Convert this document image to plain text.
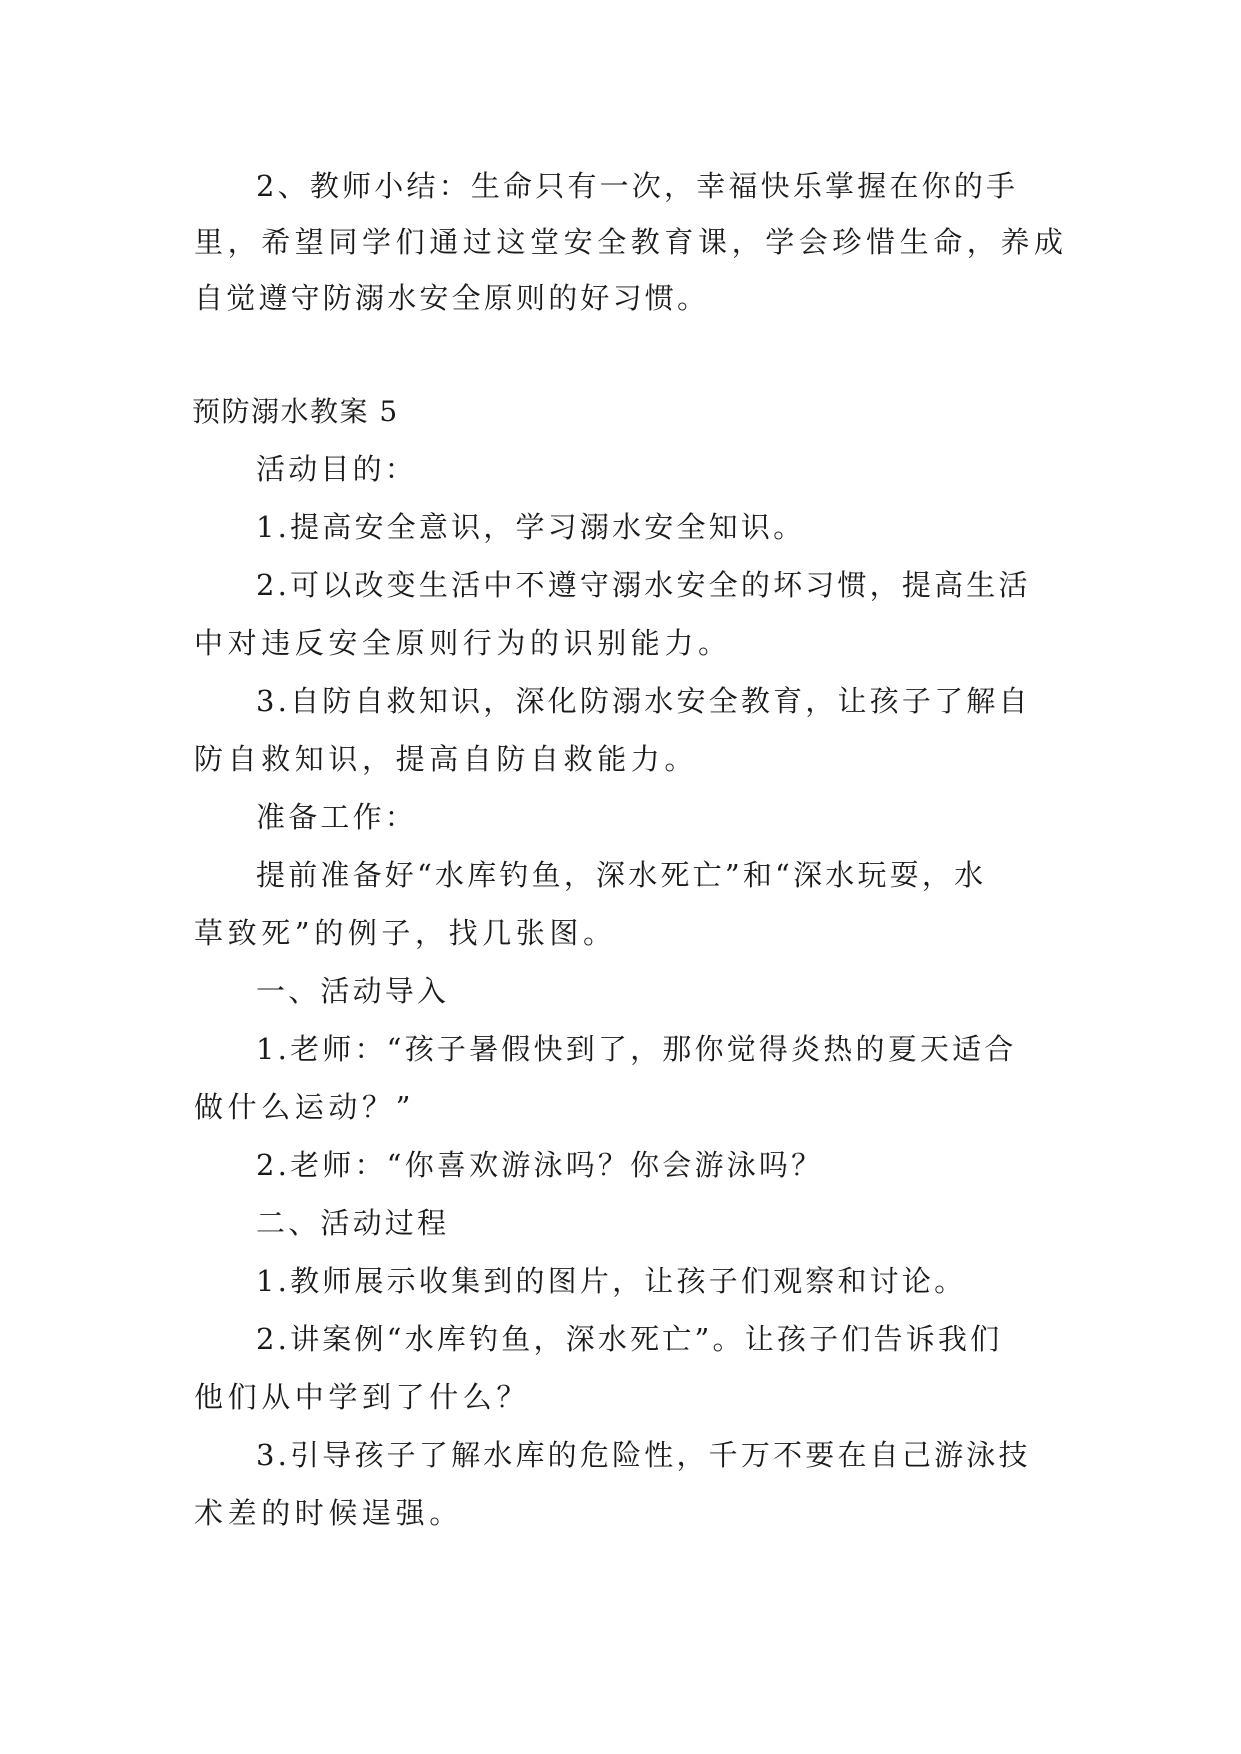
2、教师小结：生命只有一次，幸福快乐掌握在你的手
里，希望同学们通过这堂安全教育课，学会珍惜生命，养成
自觉遵守防溺水安全原则的好习惯。
预防溺水教案 5
活动目的：
1.提高安全意识，学习溺水安全知识。
2.可以改变生活中不遵守溺水安全的坏习惯，提高生活
中对违反安全原则行为的识别能力。
3.自防自救知识，深化防溺水安全教育，让孩子了解自
防自救知识，提高自防自救能力。
准备工作：
提前准备好“水库钓鱼，深水死亡”和“深水玩耍，水
草致死”的例子，找几张图。
一、活动导入
1.老师：“孩子暑假快到了，那你觉得炎热的夏天适合
做什么运动？”
2.老师：“你喜欢游泳吗？你会游泳吗？
二、活动过程
1.教师展示收集到的图片，让孩子们观察和讨论。
2.讲案例“水库钓鱼，深水死亡”。让孩子们告诉我们
他们从中学到了什么？
3.引导孩子了解水库的危险性，千万不要在自己游泳技
术差的时候逞强。
